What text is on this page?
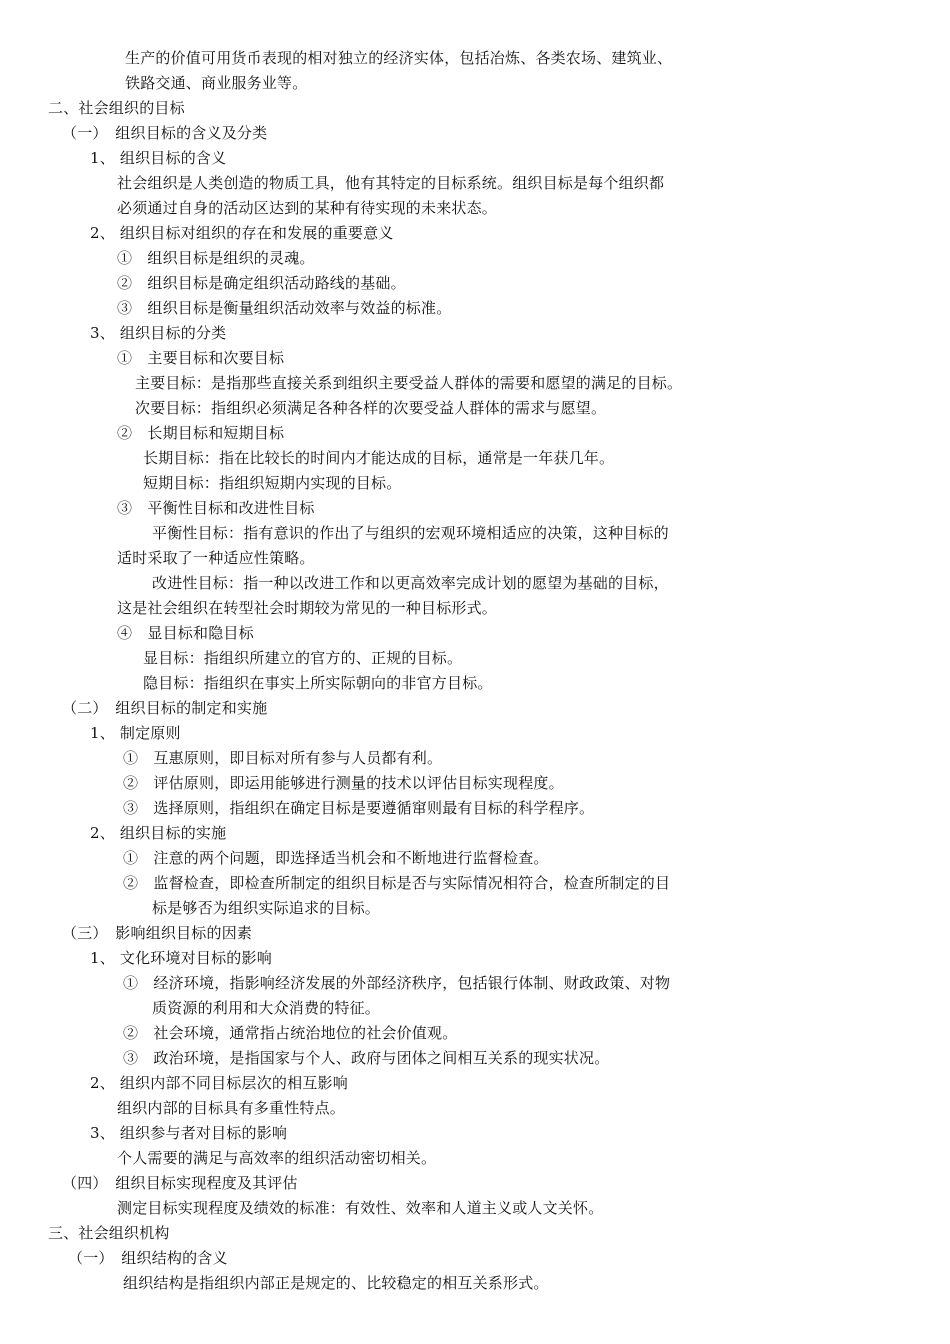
生产的价值可用货币表现的相对独立的经济实体，包括冶炼、各类农场、建筑业、
铁路交通、商业服务业等。
二、社会组织的目标
（一）　组织目标的含义及分类
1、 组织目标的含义
社会组织是人类创造的物质工具，他有其特定的目标系统。组织目标是每个组织都
必须通过自身的活动区达到的某种有待实现的未来状态。
2、 组织目标对组织的存在和发展的重要意义
①　组织目标是组织的灵魂。
②　组织目标是确定组织活动路线的基础。
③　组织目标是衡量组织活动效率与效益的标准。
3、 组织目标的分类
①　主要目标和次要目标
主要目标：是指那些直接关系到组织主要受益人群体的需要和愿望的满足的目标。
次要目标：指组织必须满足各种各样的次要受益人群体的需求与愿望。
②　长期目标和短期目标
长期目标：指在比较长的时间内才能达成的目标，通常是一年获几年。
短期目标：指组织短期内实现的目标。
③　平衡性目标和改进性目标
平衡性目标：指有意识的作出了与组织的宏观环境相适应的决策，这种目标的
适时采取了一种适应性策略。
改进性目标：指一种以改进工作和以更高效率完成计划的愿望为基础的目标，
这是社会组织在转型社会时期较为常见的一种目标形式。
④　显目标和隐目标
显目标：指组织所建立的官方的、正规的目标。
隐目标：指组织在事实上所实际朝向的非官方目标。
（二）　组织目标的制定和实施
1、 制定原则
①　互惠原则，即目标对所有参与人员都有利。
②　评估原则，即运用能够进行测量的技术以评估目标实现程度。
③　选择原则，指组织在确定目标是要遵循窜则最有目标的科学程序。
2、 组织目标的实施
①　注意的两个问题，即选择适当机会和不断地进行监督检查。
②　监督检查，即检查所制定的组织目标是否与实际情况相符合，检查所制定的目
标是够否为组织实际追求的目标。
（三）　影响组织目标的因素
1、 文化环境对目标的影响
①　经济环境，指影响经济发展的外部经济秩序，包括银行体制、财政政策、对物
质资源的利用和大众消费的特征。
②　社会环境，通常指占统治地位的社会价值观。
③　政治环境，是指国家与个人、政府与团体之间相互关系的现实状况。
2、 组织内部不同目标层次的相互影响
组织内部的目标具有多重性特点。
3、 组织参与者对目标的影响
个人需要的满足与高效率的组织活动密切相关。
（四）　组织目标实现程度及其评估
测定目标实现程度及绩效的标准：有效性、效率和人道主义或人文关怀。
三、社会组织机构
（一）　组织结构的含义
组织结构是指组织内部正是规定的、比较稳定的相互关系形式。
